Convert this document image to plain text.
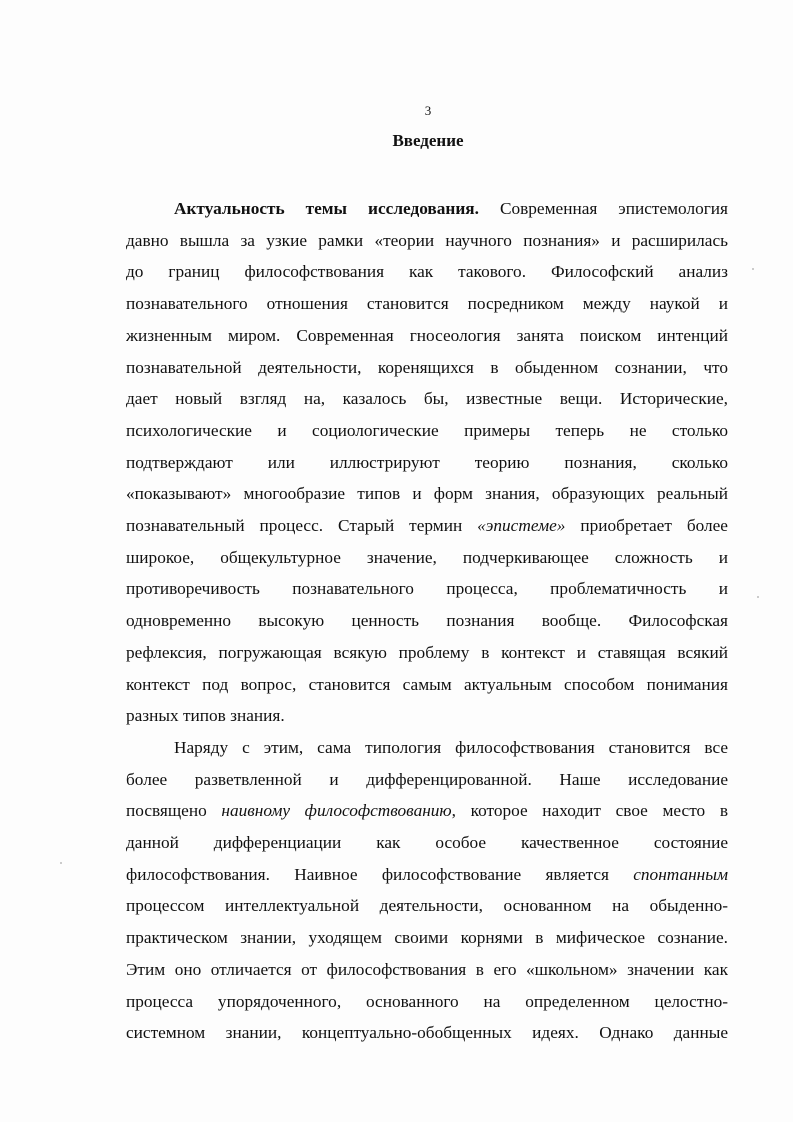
3
Введение
Актуальность темы исследования. Современная эпистемология
давно вышла за узкие рамки «теории научного познания» и расширилась
до границ философствования как такового. Философский анализ
познавательного отношения становится посредником между наукой и
жизненным миром. Современная гносеология занята поиском интенций
познавательной деятельности, коренящихся в обыденном сознании, что
дает новый взгляд на, казалось бы, известные вещи. Исторические,
психологические и социологические примеры теперь не столько
подтверждают или иллюстрируют теорию познания, сколько
«показывают» многообразие типов и форм знания, образующих реальный
познавательный процесс. Старый термин «эпистеме» приобретает более
широкое, общекультурное значение, подчеркивающее сложность и
противоречивость познавательного процесса, проблематичность и
одновременно высокую ценность познания вообще. Философская
рефлексия, погружающая всякую проблему в контекст и ставящая всякий
контекст под вопрос, становится самым актуальным способом понимания
разных типов знания.
Наряду с этим, сама типология философствования становится все
более разветвленной и дифференцированной. Наше исследование
посвящено наивному философствованию, которое находит свое место в
данной дифференциации как особое качественное состояние
философствования. Наивное философствование является спонтанным
процессом интеллектуальной деятельности, основанном на обыденно-
практическом знании, уходящем своими корнями в мифическое сознание.
Этим оно отличается от философствования в его «школьном» значении как
процесса упорядоченного, основанного на определенном целостно-
системном знании, концептуально-обобщенных идеях. Однако данные
